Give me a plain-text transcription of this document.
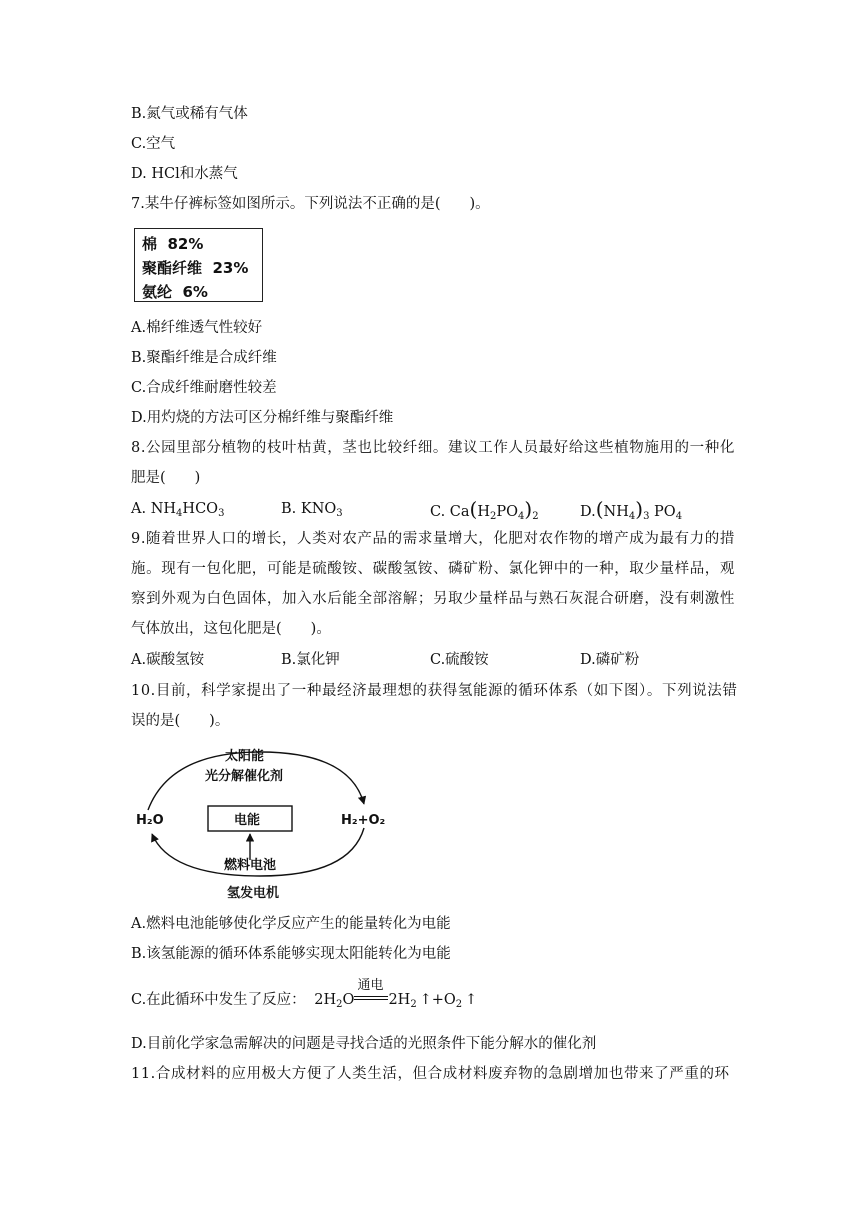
B.氮气或稀有气体
C.空气
D. HCl和水蒸气
7.某牛仔裤标签如图所示。下列说法不正确的是(　　)。
棉 82%
聚酯纤维 23%
氨纶 6%
A.棉纤维透气性较好
B.聚酯纤维是合成纤维
C.合成纤维耐磨性较差
D.用灼烧的方法可区分棉纤维与聚酯纤维
8.公园里部分植物的枝叶枯黄，茎也比较纤细。建议工作人员最好给这些植物施用的一种化
肥是(　　)
A. $NH_4HCO_3$	B. $KNO_3$	C. $Ca(H_2PO_4)_2$	$D.(NH_4)_3$ $PO_4$
9.随着世界人口的增长，人类对农产品的需求量增大，化肥对农作物的增产成为最有力的措
施。现有一包化肥，可能是硫酸铵、碳酸氢铵、磷矿粉、氯化钾中的一种，取少量样品，观
察到外观为白色固体，加入水后能全部溶解；另取少量样品与熟石灰混合研磨，没有刺激性
气体放出，这包化肥是(　　)。
A.碳酸氢铵	B.氯化钾	C.硫酸铵	D.磷矿粉
10.目前，科学家提出了一种最经济最理想的获得氢能源的循环体系（如下图）。下列说法错
误的是(　　)。
太阳能
光分解催化剂
H₂O	H₂+O₂
电能
燃料电池
氢发电机
A.燃料电池能够使化学反应产生的能量转化为电能
B.该氢能源的循环体系能够实现太阳能转化为电能
C.在此循环中发生了反应： $2H_2O$
通电
$2H_2$ $↑+O_2$ ↑
D.目前化学家急需解决的问题是寻找合适的光照条件下能分解水的催化剂
11.合成材料的应用极大方便了人类生活，但合成材料废弃物的急剧增加也带来了严重的环
